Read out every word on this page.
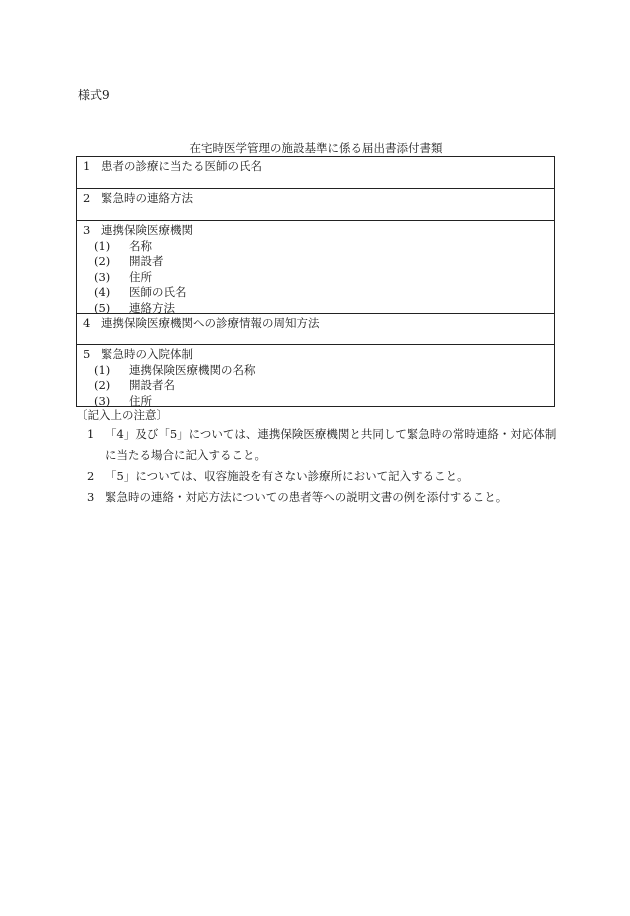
様式9
在宅時医学管理の施設基準に係る届出書添付書類
1 患者の診療に当たる医師の氏名
2 緊急時の連絡方法
3 連携保険医療機関
(1) 名称
(2) 開設者
(3) 住所
(4) 医師の氏名
(5) 連絡方法
4 連携保険医療機関への診療情報の周知方法
5 緊急時の入院体制
(1) 連携保険医療機関の名称
(2) 開設者名
(3) 住所
〔記入上の注意〕
1 「4」及び「5」については、連携保険医療機関と共同して緊急時の常時連絡・対応体制に当たる場合に記入すること。
2 「5」については、収容施設を有さない診療所において記入すること。
3 緊急時の連絡・対応方法についての患者等への説明文書の例を添付すること。
